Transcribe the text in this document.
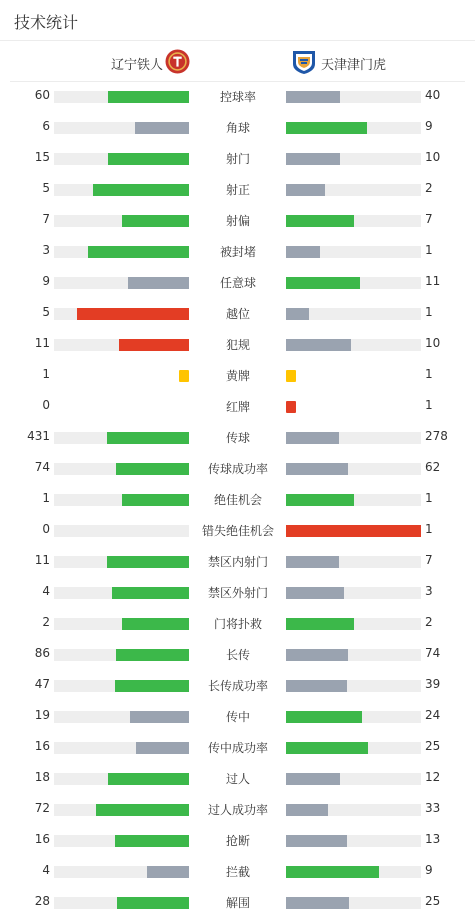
技术统计
辽宁铁人	天津津门虎
60	控球率	40
6	角球	9
15	射门	10
5	射正	2
7	射偏	7
3	被封堵	1
9	任意球	11
5	越位	1
11	犯规	10
1	黄牌	1
0	红牌	1
431	传球	278
74	传球成功率	62
1	绝佳机会	1
0	错失绝佳机会	1
11	禁区内射门	7
4	禁区外射门	3
2	门将扑救	2
86	长传	74
47	长传成功率	39
19	传中	24
16	传中成功率	25
18	过人	12
72	过人成功率	33
16	抢断	13
4	拦截	9
28	解围	25
